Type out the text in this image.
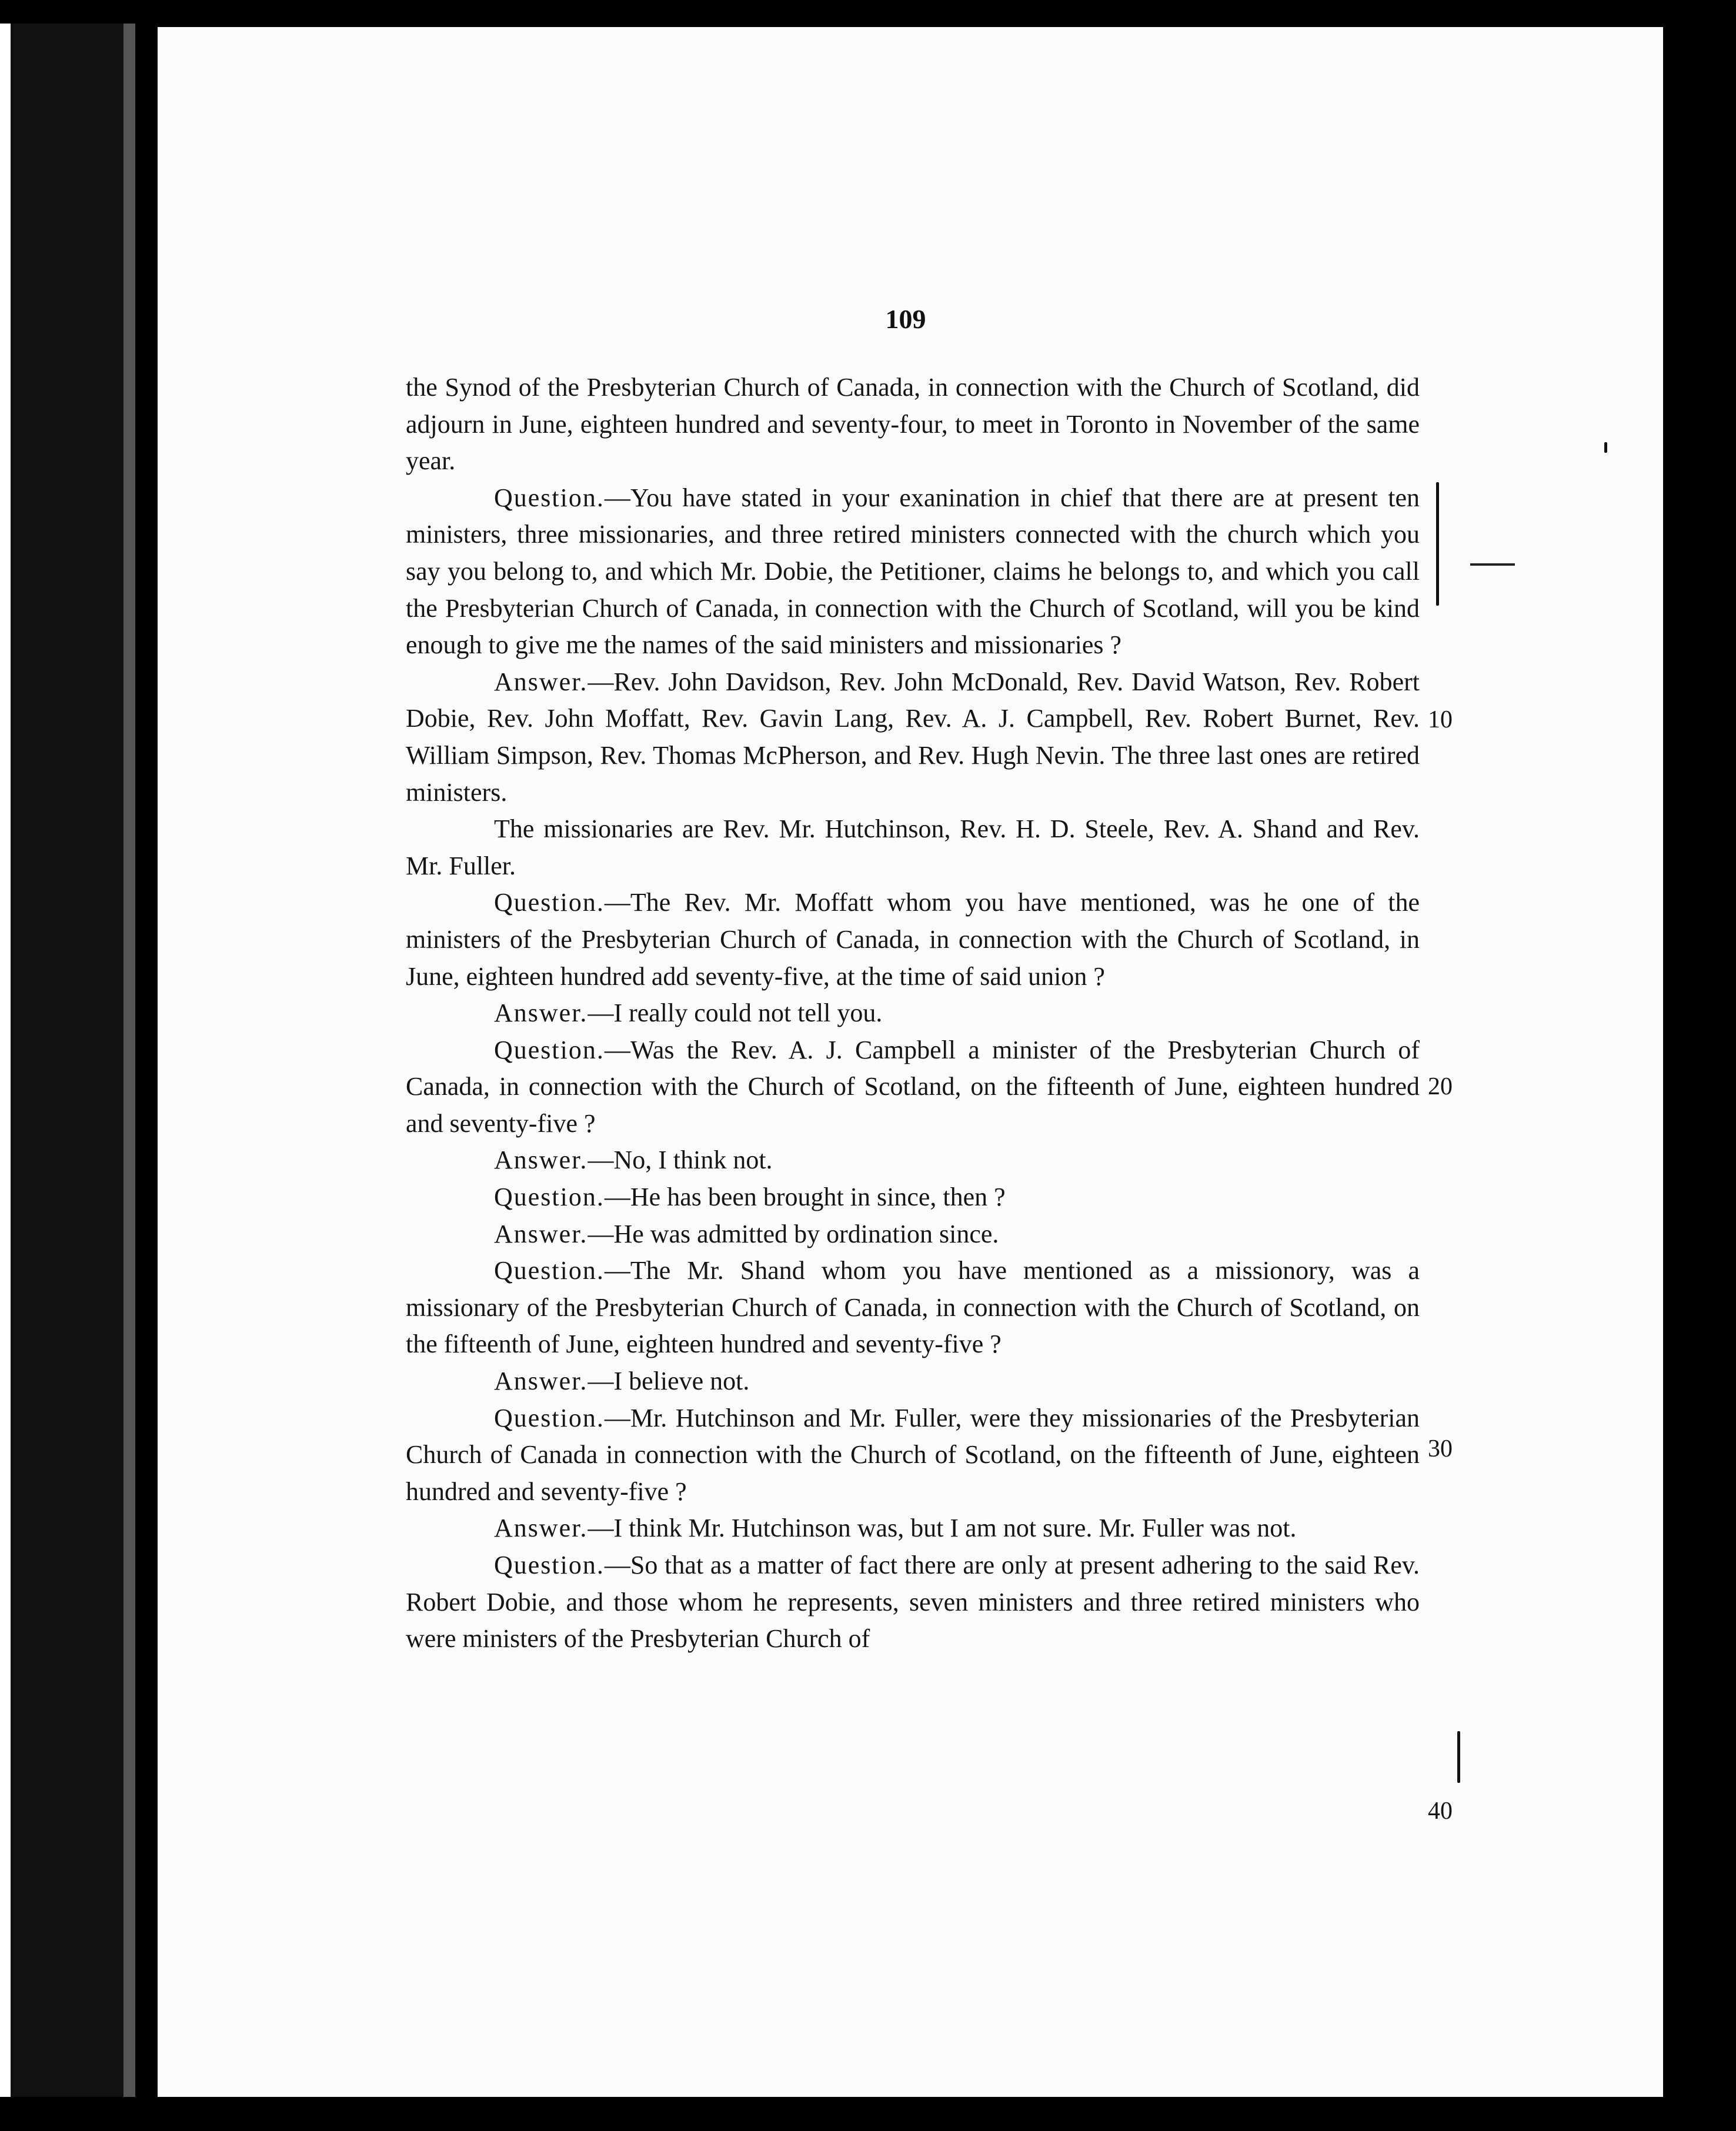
109

the Synod of the Presbyterian Church of Canada, in connection with the Church of Scotland, did adjourn in June, eighteen hundred and seventy-four, to meet in Toronto in November of the same year.

Question.—You have stated in your exanination in chief that there are at present ten ministers, three missionaries, and three retired ministers connected with the church which you say you belong to, and which Mr. Dobie, the Petitioner, claims he belongs to, and which you call the Presbyterian Church of Canada, in connection with the Church of Scotland, will you be kind enough to give me the names of the said ministers and missionaries ?

Answer.—Rev. John Davidson, Rev. John McDonald, Rev. David Watson, Rev. Robert Dobie, Rev. John Moffatt, Rev. Gavin Lang, Rev. A. J. Campbell, Rev. Robert Burnet, Rev. William Simpson, Rev. Thomas McPherson, and Rev. Hugh Nevin. The three last ones are retired ministers.

The missionaries are Rev. Mr. Hutchinson, Rev. H. D. Steele, Rev. A. Shand and Rev. Mr. Fuller.

Question.—The Rev. Mr. Moffatt whom you have mentioned, was he one of the ministers of the Presbyterian Church of Canada, in connection with the Church of Scotland, in June, eighteen hundred add seventy-five, at the time of said union ?

Answer.—I really could not tell you.

Question.—Was the Rev. A. J. Campbell a minister of the Presbyterian Church of Canada, in connection with the Church of Scotland, on the fifteenth of June, eighteen hundred and seventy-five ?

Answer.—No, I think not.

Question.—He has been brought in since, then ?

Answer.—He was admitted by ordination since.

Question.—The Mr. Shand whom you have mentioned as a missionory, was a missionary of the Presbyterian Church of Canada, in connection with the Church of Scotland, on the fifteenth of June, eighteen hundred and seventy-five ?

Answer.—I believe not.

Question.—Mr. Hutchinson and Mr. Fuller, were they missionaries of the Presbyterian Church of Canada in connection with the Church of Scotland, on the fifteenth of June, eighteen hundred and seventy-five ?

Answer.—I think Mr. Hutchinson was, but I am not sure. Mr. Fuller was not.

Question.—So that as a matter of fact there are only at present adhering to the said Rev. Robert Dobie, and those whom he represents, seven ministers and three retired ministers who were ministers of the Presbyterian Church of

10
20
30
40
